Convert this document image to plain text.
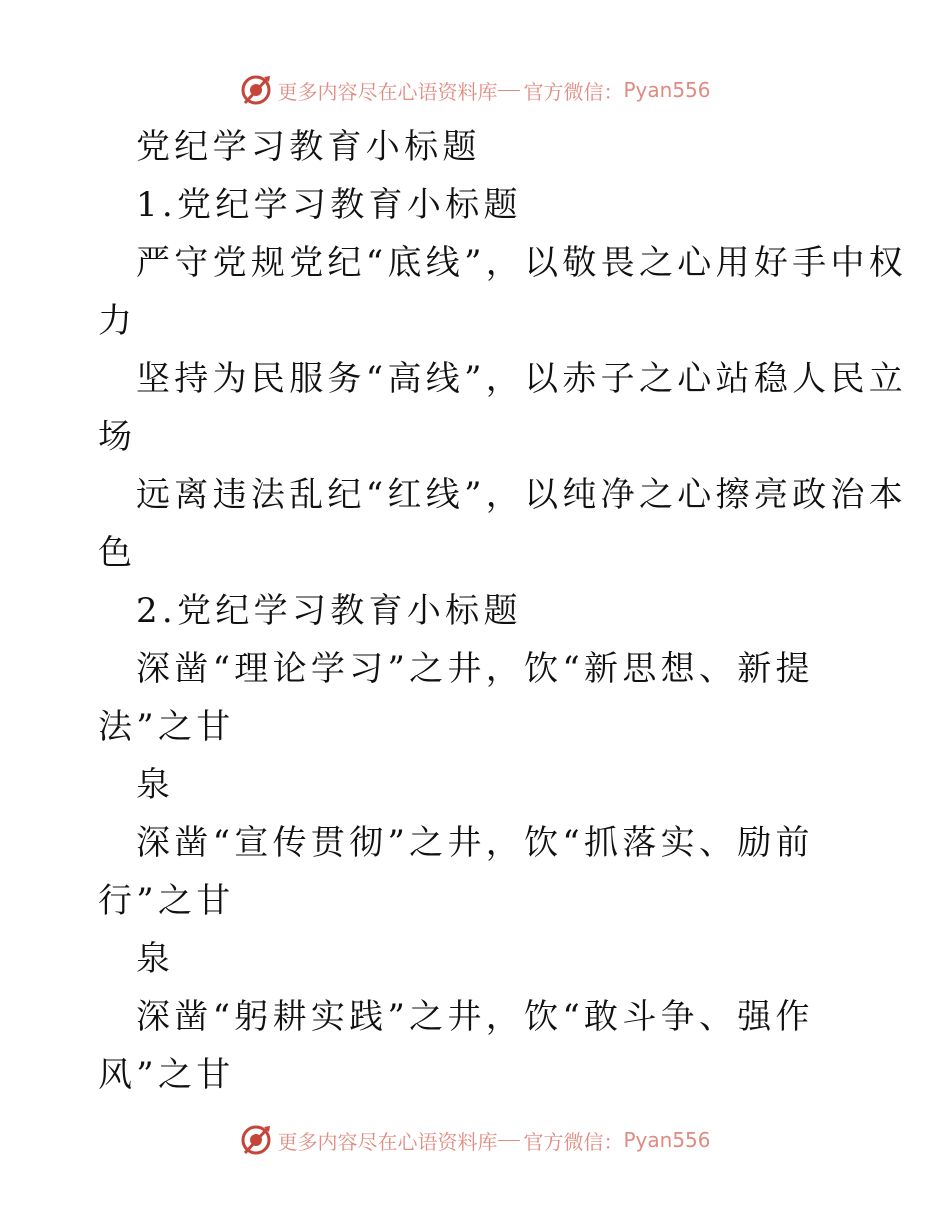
更多内容尽在心语资料库 官方微信： Pyan556
党纪学习教育小标题
1.党纪学习教育小标题
严守党规党纪“底线”，以敬畏之心用好手中权
力
坚持为民服务“高线”，以赤子之心站稳人民立
场
远离违法乱纪“红线”，以纯净之心擦亮政治本
色
2.党纪学习教育小标题
深凿“理论学习”之井，饮“新思想、新提
法”之甘
泉
深凿“宣传贯彻”之井，饮“抓落实、励前
行”之甘
泉
深凿“躬耕实践”之井，饮“敢斗争、强作
风”之甘
更多内容尽在心语资料库 官方微信： Pyan556
